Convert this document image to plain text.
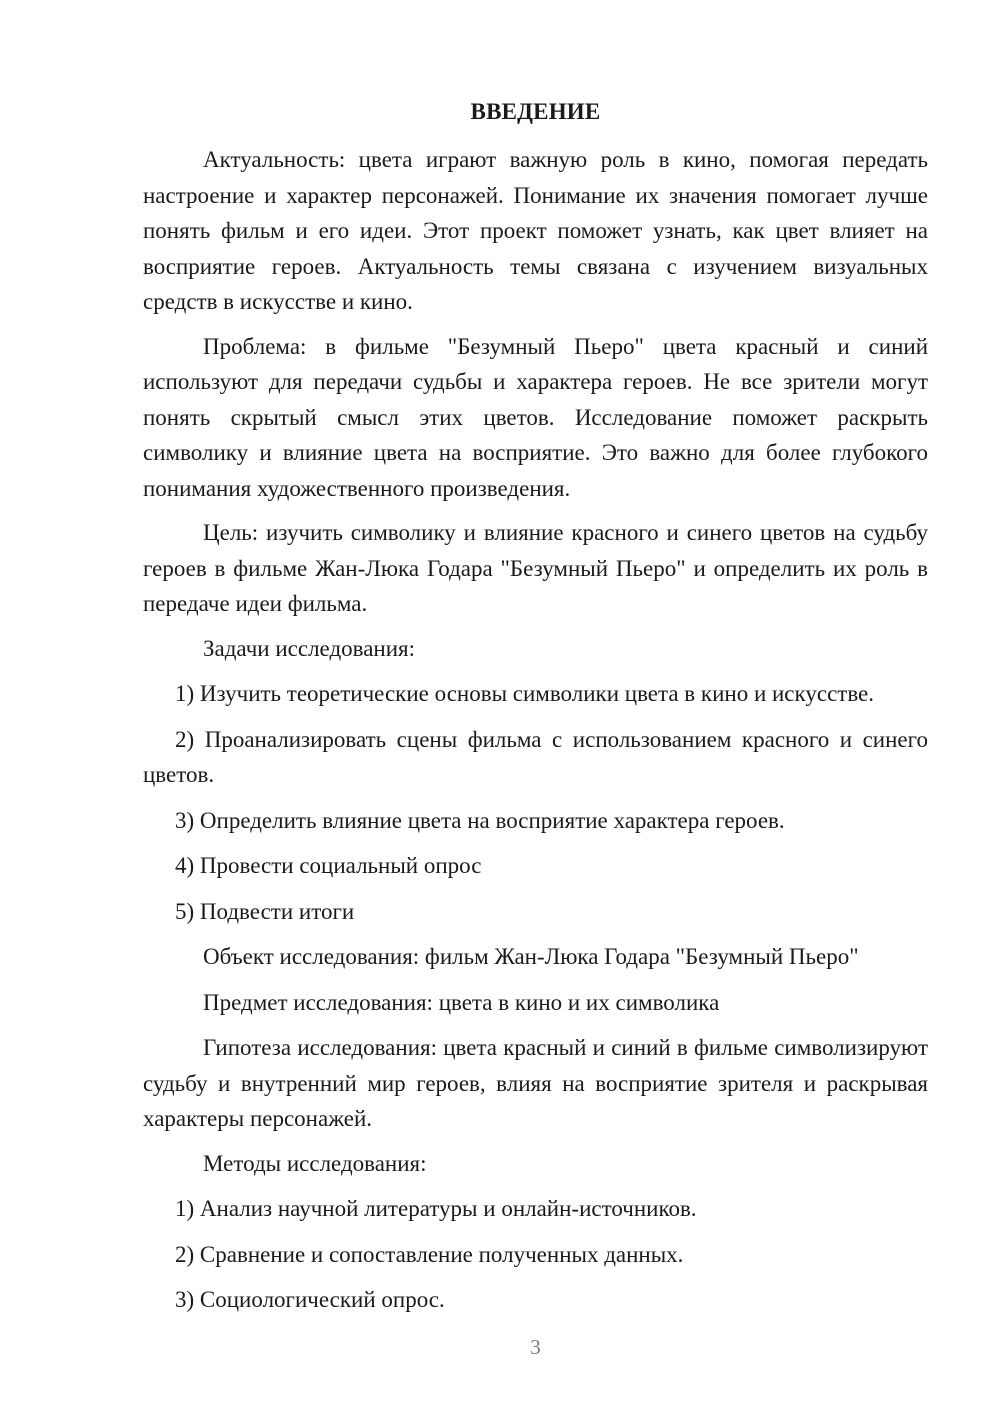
ВВЕДЕНИЕ

Актуальность: цвета играют важную роль в кино, помогая передать настроение и характер персонажей. Понимание их значения помогает лучше понять фильм и его идеи. Этот проект поможет узнать, как цвет влияет на восприятие героев. Актуальность темы связана с изучением визуальных средств в искусстве и кино.

Проблема: в фильме "Безумный Пьеро" цвета красный и синий используют для передачи судьбы и характера героев. Не все зрители могут понять скрытый смысл этих цветов. Исследование поможет раскрыть символику и влияние цвета на восприятие. Это важно для более глубокого понимания художественного произведения.

Цель: изучить символику и влияние красного и синего цветов на судьбу героев в фильме Жан-Люка Годара "Безумный Пьеро" и определить их роль в передаче идеи фильма.

Задачи исследования:

1) Изучить теоретические основы символики цвета в кино и искусстве.

2) Проанализировать сцены фильма с использованием красного и синего цветов.

3) Определить влияние цвета на восприятие характера героев.

4) Провести социальный опрос

5) Подвести итоги

Объект исследования: фильм Жан-Люка Годара "Безумный Пьеро"

Предмет исследования: цвета в кино и их символика

Гипотеза исследования: цвета красный и синий в фильме символизируют судьбу и внутренний мир героев, влияя на восприятие зрителя и раскрывая характеры персонажей.

Методы исследования:

1) Анализ научной литературы и онлайн-источников.

2) Сравнение и сопоставление полученных данных.

3) Социологический опрос.

3
